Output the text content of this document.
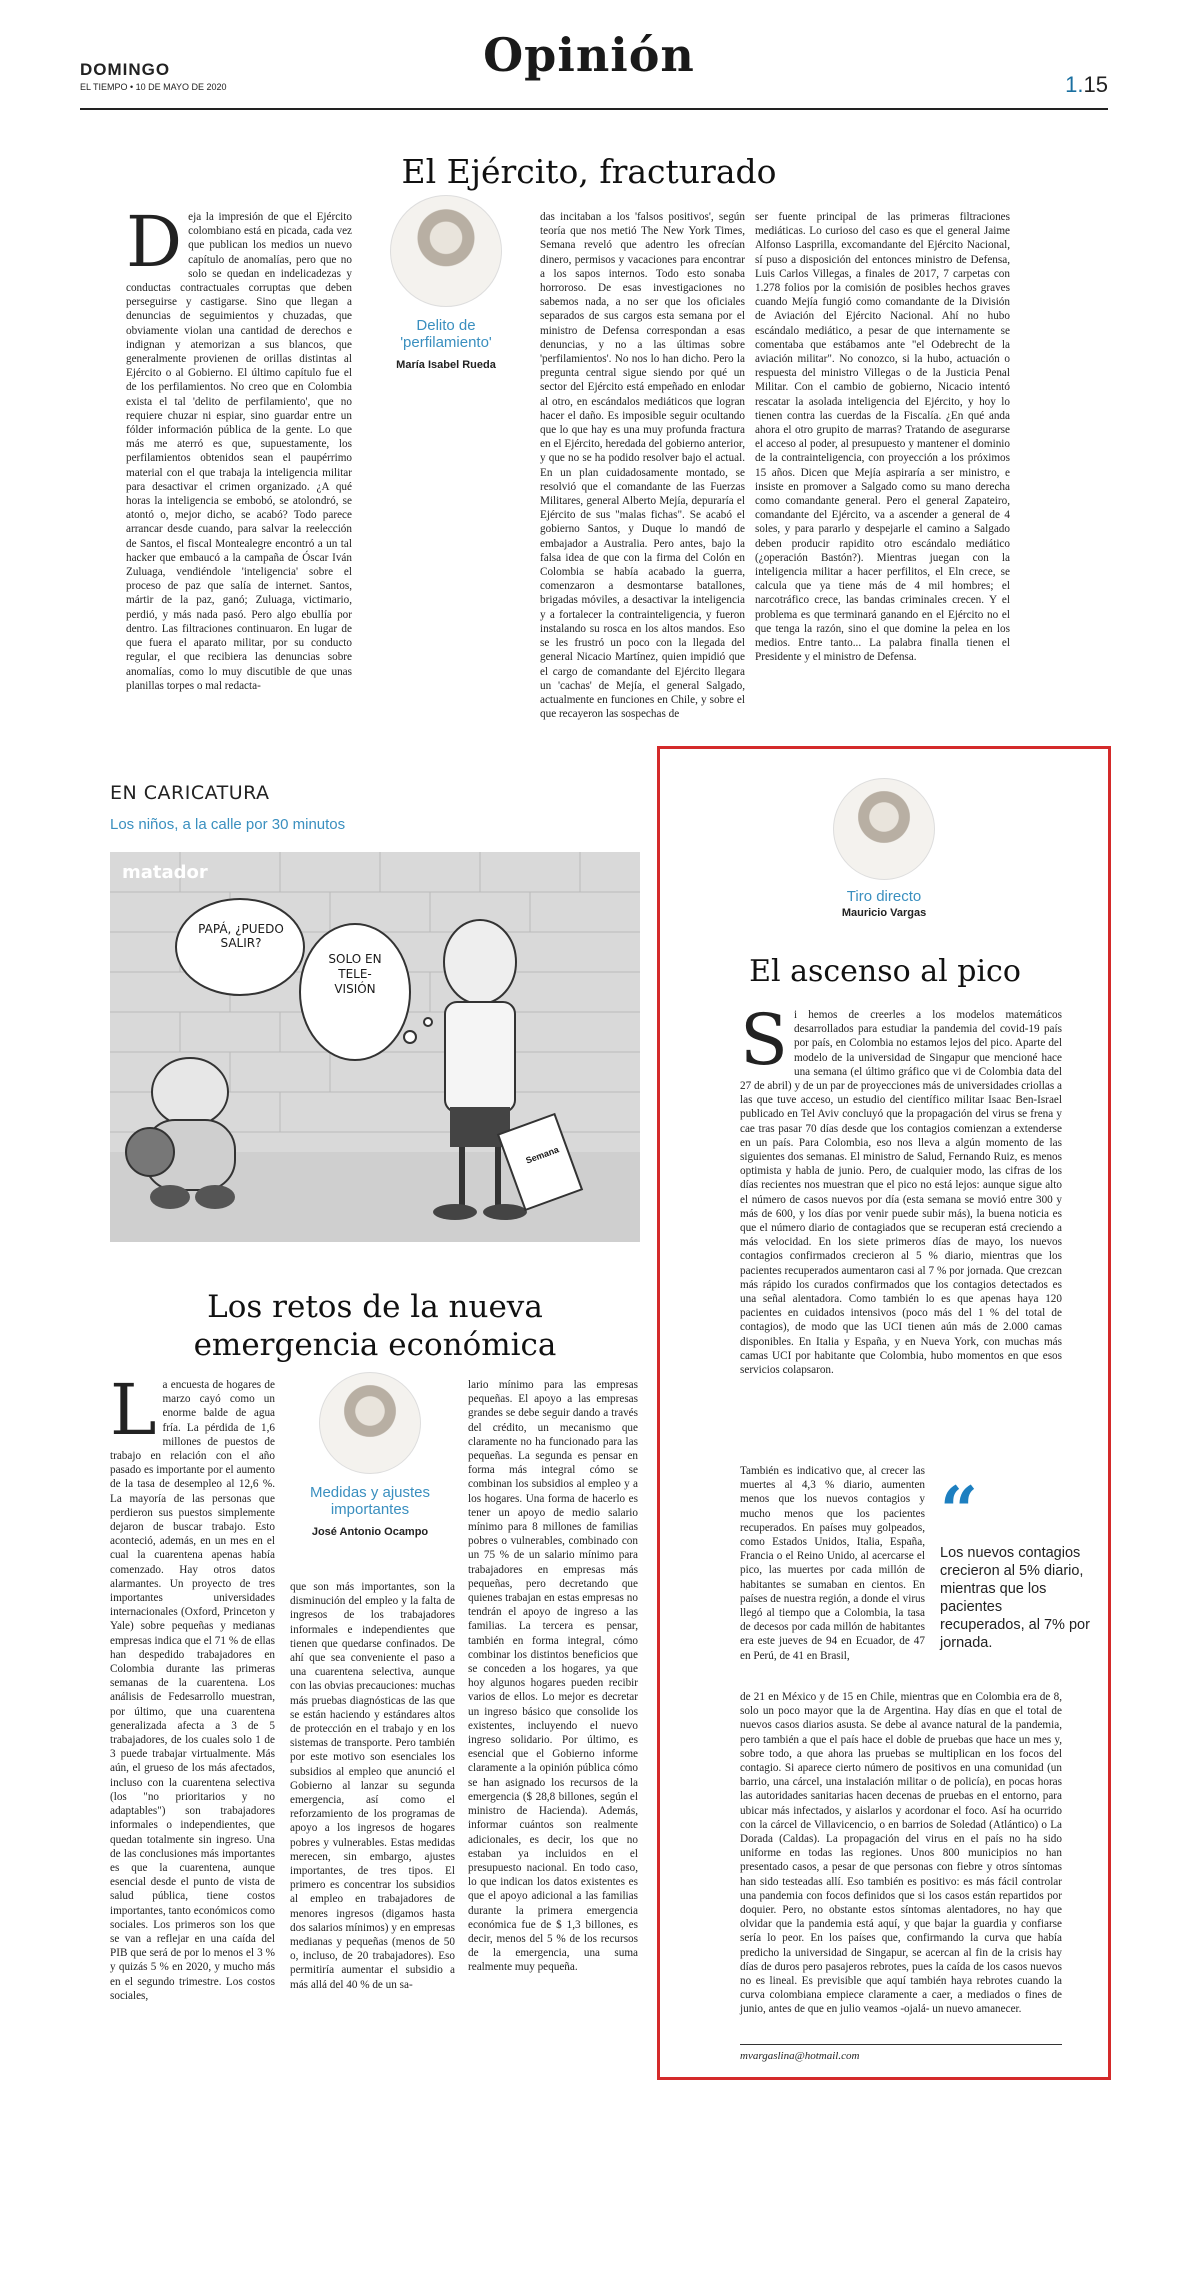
DOMINGO
EL TIEMPO • 10 DE MAYO DE 2020
Opinión
1.15
El Ejército, fracturado
Deja la impresión de que el Ejército colombiano está en picada, cada vez que publican los medios un nuevo capítulo de anomalías, pero que no solo se quedan en indelicadezas y conductas contractuales corruptas que deben perseguirse y castigarse. Sino que llegan a denuncias de seguimientos y chuzadas, que obviamente violan una cantidad de derechos e indignan y atemorizan a sus blancos, que generalmente provienen de orillas distintas al Ejército o al Gobierno. El último capítulo fue el de los perfilamientos. No creo que en Colombia exista el tal 'delito de perfilamiento', que no requiere chuzar ni espiar, sino guardar entre un fólder información pública de la gente. Lo que más me aterró es que, supuestamente, los perfilamientos obtenidos sean el paupérrimo material con el que trabaja la inteligencia militar para desactivar el crimen organizado. ¿A qué horas la inteligencia se embobó, se atolondró, se atontó o, mejor dicho, se acabó? Todo parece arrancar desde cuando, para salvar la reelección de Santos, el fiscal Montealegre encontró a un tal hacker que embaucó a la campaña de Óscar Iván Zuluaga, vendiéndole 'inteligencia' sobre el proceso de paz que salía de internet. Santos, mártir de la paz, ganó; Zuluaga, victimario, perdió, y más nada pasó. Pero algo ebullía por dentro. Las filtraciones continuaron. En lugar de que fuera el aparato militar, por su conducto regular, el que recibiera las denuncias sobre anomalías, como lo muy discutible de que unas planillas torpes o mal redacta-
Delito de 'perfilamiento'
María Isabel Rueda
das incitaban a los 'falsos positivos', según teoría que nos metió The New York Times, Semana reveló que adentro les ofrecían dinero, permisos y vacaciones para encontrar a los sapos internos. Todo esto sonaba horroroso. De esas investigaciones no sabemos nada, a no ser que los oficiales separados de sus cargos esta semana por el ministro de Defensa correspondan a esas denuncias, y no a las últimas sobre 'perfilamientos'. No nos lo han dicho. Pero la pregunta central sigue siendo por qué un sector del Ejército está empeñado en enlodar al otro, en escándalos mediáticos que logran hacer el daño. Es imposible seguir ocultando que lo que hay es una muy profunda fractura en el Ejército, heredada del gobierno anterior, y que no se ha podido resolver bajo el actual. En un plan cuidadosamente montado, se resolvió que el comandante de las Fuerzas Militares, general Alberto Mejía, depuraría el Ejército de sus "malas fichas". Se acabó el gobierno Santos, y Duque lo mandó de embajador a Australia. Pero antes, bajo la falsa idea de que con la firma del Colón en Colombia se había acabado la guerra, comenzaron a desmontarse batallones, brigadas móviles, a desactivar la inteligencia y a fortalecer la contrainteligencia, y fueron instalando su rosca en los altos mandos. Eso se les frustró un poco con la llegada del general Nicacio Martínez, quien impidió que el cargo de comandante del Ejército llegara un 'cachas' de Mejía, el general Salgado, actualmente en funciones en Chile, y sobre el que recayeron las sospechas de
ser fuente principal de las primeras filtraciones mediáticas. Lo curioso del caso es que el general Jaime Alfonso Lasprilla, excomandante del Ejército Nacional, sí puso a disposición del entonces ministro de Defensa, Luis Carlos Villegas, a finales de 2017, 7 carpetas con 1.278 folios por la comisión de posibles hechos graves cuando Mejía fungió como comandante de la División de Aviación del Ejército Nacional. Ahí no hubo escándalo mediático, a pesar de que internamente se comentaba que estábamos ante "el Odebrecht de la aviación militar". No conozco, si la hubo, actuación o respuesta del ministro Villegas o de la Justicia Penal Militar. Con el cambio de gobierno, Nicacio intentó rescatar la asolada inteligencia del Ejército, y hoy lo tienen contra las cuerdas de la Fiscalía. ¿En qué anda ahora el otro grupito de marras? Tratando de asegurarse el acceso al poder, al presupuesto y mantener el dominio de la contrainteligencia, con proyección a los próximos 15 años. Dicen que Mejía aspiraría a ser ministro, e insiste en promover a Salgado como su mano derecha como comandante general. Pero el general Zapateiro, comandante del Ejército, va a ascender a general de 4 soles, y para pararlo y despejarle el camino a Salgado deben producir rapidito otro escándalo mediático (¿operación Bastón?). Mientras juegan con la inteligencia militar a hacer perfilitos, el Eln crece, se calcula que ya tiene más de 4 mil hombres; el narcotráfico crece, las bandas criminales crecen. Y el problema es que terminará ganando en el Ejército no el que tenga la razón, sino el que domine la pelea en los medios. Entre tanto... La palabra finalla tienen el Presidente y el ministro de Defensa.
EN CARICATURA
Los niños, a la calle por 30 minutos
matador
PAPÁ, ¿PUEDO SALIR?
SOLO EN TELE-VISIÓN
Semana
Los retos de la nueva emergencia económica
La encuesta de hogares de marzo cayó como un enorme balde de agua fría. La pérdida de 1,6 millones de puestos de trabajo en relación con el año pasado es importante por el aumento de la tasa de desempleo al 12,6 %. La mayoría de las personas que perdieron sus puestos simplemente dejaron de buscar trabajo. Esto aconteció, además, en un mes en el cual la cuarentena apenas había comenzado. Hay otros datos alarmantes. Un proyecto de tres importantes universidades internacionales (Oxford, Princeton y Yale) sobre pequeñas y medianas empresas indica que el 71 % de ellas han despedido trabajadores en Colombia durante las primeras semanas de la cuarentena. Los análisis de Fedesarrollo muestran, por último, que una cuarentena generalizada afecta a 3 de 5 trabajadores, de los cuales solo 1 de 3 puede trabajar virtualmente. Más aún, el grueso de los más afectados, incluso con la cuarentena selectiva (los "no prioritarios y no adaptables") son trabajadores informales o independientes, que quedan totalmente sin ingreso. Una de las conclusiones más importantes es que la cuarentena, aunque esencial desde el punto de vista de salud pública, tiene costos importantes, tanto económicos como sociales. Los primeros son los que se van a reflejar en una caída del PIB que será de por lo menos el 3 % y quizás 5 % en 2020, y mucho más en el segundo trimestre. Los costos sociales,
Medidas y ajustes importantes
José Antonio Ocampo
que son más importantes, son la disminución del empleo y la falta de ingresos de los trabajadores informales e independientes que tienen que quedarse confinados. De ahí que sea conveniente el paso a una cuarentena selectiva, aunque con las obvias precauciones: muchas más pruebas diagnósticas de las que se están haciendo y estándares altos de protección en el trabajo y en los sistemas de transporte. Pero también por este motivo son esenciales los subsidios al empleo que anunció el Gobierno al lanzar su segunda emergencia, así como el reforzamiento de los programas de apoyo a los ingresos de hogares pobres y vulnerables. Estas medidas merecen, sin embargo, ajustes importantes, de tres tipos. El primero es concentrar los subsidios al empleo en trabajadores de menores ingresos (digamos hasta dos salarios mínimos) y en empresas medianas y pequeñas (menos de 50 o, incluso, de 20 trabajadores). Eso permitiría aumentar el subsidio a más allá del 40 % de un sa-
lario mínimo para las empresas pequeñas. El apoyo a las empresas grandes se debe seguir dando a través del crédito, un mecanismo que claramente no ha funcionado para las pequeñas. La segunda es pensar en forma más integral cómo se combinan los subsidios al empleo y a los hogares. Una forma de hacerlo es tener un apoyo de medio salario mínimo para 8 millones de familias pobres o vulnerables, combinado con un 75 % de un salario mínimo para trabajadores en empresas más pequeñas, pero decretando que quienes trabajan en estas empresas no tendrán el apoyo de ingreso a las familias. La tercera es pensar, también en forma integral, cómo combinar los distintos beneficios que se conceden a los hogares, ya que hoy algunos hogares pueden recibir varios de ellos. Lo mejor es decretar un ingreso básico que consolide los existentes, incluyendo el nuevo ingreso solidario. Por último, es esencial que el Gobierno informe claramente a la opinión pública cómo se han asignado los recursos de la emergencia ($ 28,8 billones, según el ministro de Hacienda). Además, informar cuántos son realmente adicionales, es decir, los que no estaban ya incluidos en el presupuesto nacional. En todo caso, lo que indican los datos existentes es que el apoyo adicional a las familias durante la primera emergencia económica fue de $ 1,3 billones, es decir, menos del 5 % de los recursos de la emergencia, una suma realmente muy pequeña.
Tiro directo
Mauricio Vargas
El ascenso al pico
Si hemos de creerles a los modelos matemáticos desarrollados para estudiar la pandemia del covid-19 país por país, en Colombia no estamos lejos del pico. Aparte del modelo de la universidad de Singapur que mencioné hace una semana (el último gráfico que vi de Colombia data del 27 de abril) y de un par de proyecciones más de universidades criollas a las que tuve acceso, un estudio del científico militar Isaac Ben-Israel publicado en Tel Aviv concluyó que la propagación del virus se frena y cae tras pasar 70 días desde que los contagios comienzan a extenderse en un país. Para Colombia, eso nos lleva a algún momento de las siguientes dos semanas. El ministro de Salud, Fernando Ruiz, es menos optimista y habla de junio. Pero, de cualquier modo, las cifras de los días recientes nos muestran que el pico no está lejos: aunque sigue alto el número de casos nuevos por día (esta semana se movió entre 300 y más de 600, y los días por venir puede subir más), la buena noticia es que el número diario de contagiados que se recuperan está creciendo a más velocidad. En los siete primeros días de mayo, los nuevos contagios confirmados crecieron al 5 % diario, mientras que los pacientes recuperados aumentaron casi al 7 % por jornada. Que crezcan más rápido los curados confirmados que los contagios detectados es una señal alentadora. Como también lo es que apenas haya 120 pacientes en cuidados intensivos (poco más del 1 % del total de contagios), de modo que las UCI tienen aún más de 2.000 camas disponibles. En Italia y España, y en Nueva York, con muchas más camas UCI por habitante que Colombia, hubo momentos en que esos servicios colapsaron.
También es indicativo que, al crecer las muertes al 4,3 % diario, aumenten menos que los nuevos contagios y mucho menos que los pacientes recuperados. En países muy golpeados, como Estados Unidos, Italia, España, Francia o el Reino Unido, al acercarse el pico, las muertes por cada millón de habitantes se sumaban en cientos. En países de nuestra región, a donde el virus llegó al tiempo que a Colombia, la tasa de decesos por cada millón de habitantes era este jueves de 94 en Ecuador, de 47 en Perú, de 41 en Brasil,
“
Los nuevos contagios crecieron al 5% diario, mientras que los pacientes recuperados, al 7% por jornada.
de 21 en México y de 15 en Chile, mientras que en Colombia era de 8, solo un poco mayor que la de Argentina. Hay días en que el total de nuevos casos diarios asusta. Se debe al avance natural de la pandemia, pero también a que el país hace el doble de pruebas que hace un mes y, sobre todo, a que ahora las pruebas se multiplican en los focos del contagio. Si aparece cierto número de positivos en una comunidad (un barrio, una cárcel, una instalación militar o de policía), en pocas horas las autoridades sanitarias hacen decenas de pruebas en el entorno, para ubicar más infectados, y aislarlos y acordonar el foco. Así ha ocurrido con la cárcel de Villavicencio, o en barrios de Soledad (Atlántico) o La Dorada (Caldas). La propagación del virus en el país no ha sido uniforme en todas las regiones. Unos 800 municipios no han presentado casos, a pesar de que personas con fiebre y otros síntomas han sido testeadas allí. Eso también es positivo: es más fácil controlar una pandemia con focos definidos que si los casos están repartidos por doquier. Pero, no obstante estos síntomas alentadores, no hay que olvidar que la pandemia está aquí, y que bajar la guardia y confiarse sería lo peor. En los países que, confirmando la curva que había predicho la universidad de Singapur, se acercan al fin de la crisis hay días de duros pero pasajeros rebrotes, pues la caída de los casos nuevos no es lineal. Es previsible que aquí también haya rebrotes cuando la curva colombiana empiece claramente a caer, a mediados o fines de junio, antes de que en julio veamos -ojalá- un nuevo amanecer.
mvargaslina@hotmail.com
